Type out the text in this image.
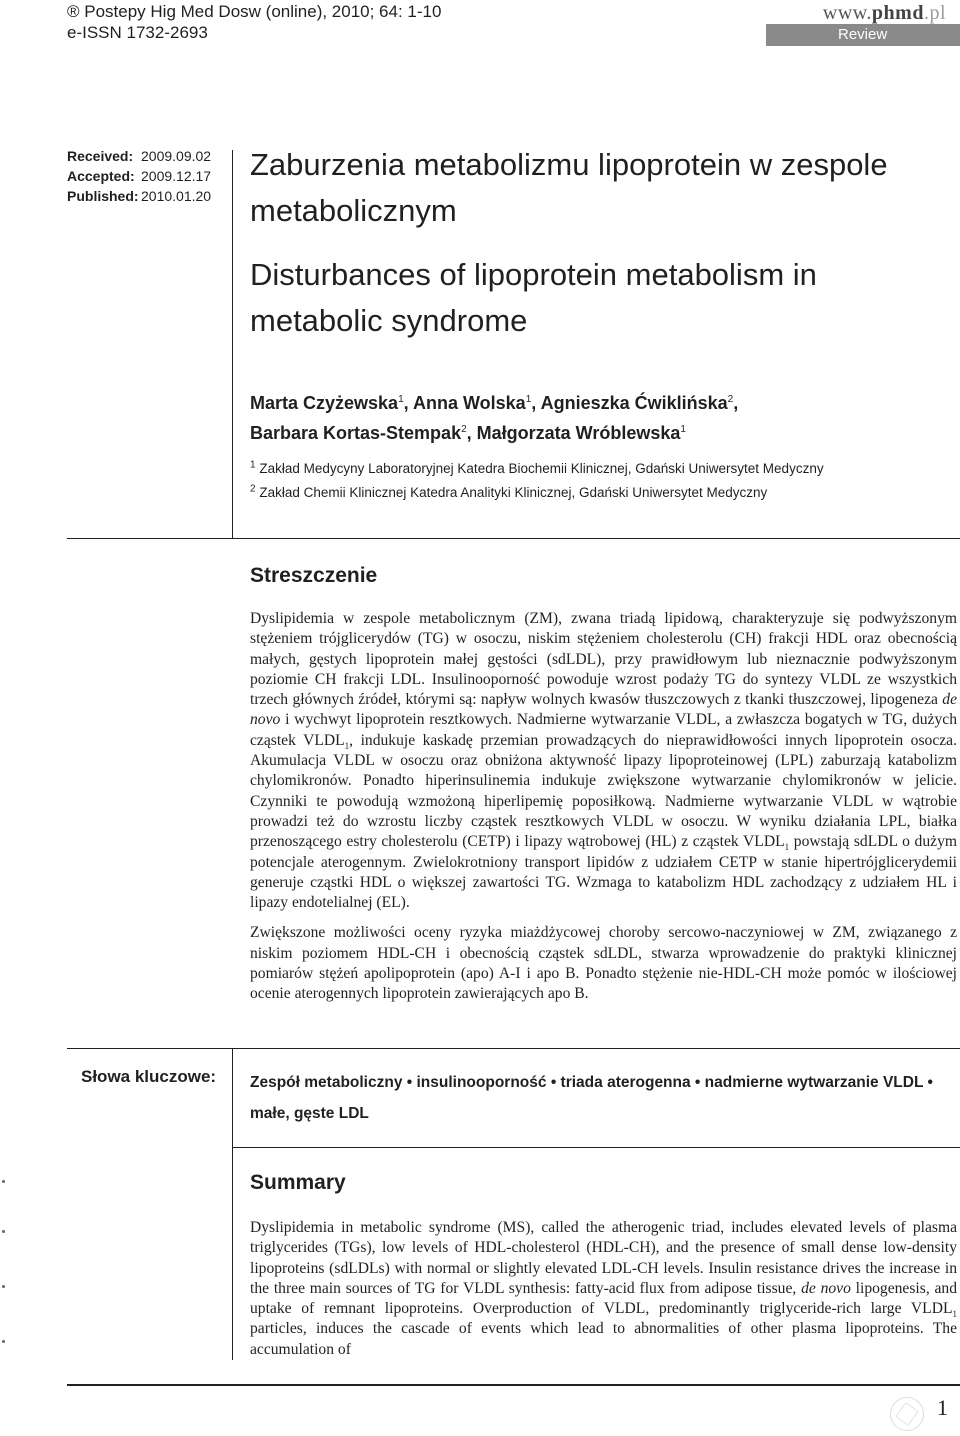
® Postepy Hig Med Dosw (online), 2010; 64: 1-10
e-ISSN 1732-2693
www.phmd.pl
Review
Received: 2009.09.02
Accepted: 2009.12.17
Published: 2010.01.20
Zaburzenia metabolizmu lipoprotein w zespole metabolicznym
Disturbances of lipoprotein metabolism in metabolic syndrome
Marta Czyżewska$^1$, Anna Wolska$^1$, Agnieszka Ćwiklińska$^2$,
Barbara Kortas-Stempak$^2$, Małgorzata Wróblewska$^1$
$^1$ Zakład Medycyny Laboratoryjnej Katedra Biochemii Klinicznej, Gdański Uniwersytet Medyczny
$^2$ Zakład Chemii Klinicznej Katedra Analityki Klinicznej, Gdański Uniwersytet Medyczny
Streszczenie

Dyslipidemia w zespole metabolicznym (ZM), zwana triadą lipidową, charakteryzuje się podwyższonym stężeniem trójglicerydów (TG) w osoczu, niskim stężeniem cholesterolu (CH) frakcji HDL oraz obecnością małych, gęstych lipoprotein małej gęstości (sdLDL), przy prawidłowym lub nieznacznie podwyższonym poziomie CH frakcji LDL. Insulinooporność powoduje wzrost podaży TG do syntezy VLDL ze wszystkich trzech głównych źródeł, którymi są: napływ wolnych kwasów tłuszczowych z tkanki tłuszczowej, lipogeneza de novo i wychwyt lipoprotein resztkowych. Nadmierne wytwarzanie VLDL, a zwłaszcza bogatych w TG, dużych cząstek $VLDL_1$, indukuje kaskadę przemian prowadzących do nieprawidłowości innych lipoprotein osocza. Akumulacja VLDL w osoczu oraz obniżona aktywność lipazy lipoproteinowej (LPL) zaburzają katabolizm chylomikronów. Ponadto hiperinsulinemia indukuje zwiększone wytwarzanie chylomikronów w jelicie. Czynniki te powodują wzmożoną hiperlipemię poposiłkową. Nadmierne wytwarzanie VLDL w wątrobie prowadzi też do wzrostu liczby cząstek resztkowych VLDL w osoczu. W wyniku działania LPL, białka przenoszącego estry cholesterolu (CETP) i lipazy wątrobowej (HL) z cząstek $VLDL_1$ powstają sdLDL o dużym potencjale aterogennym. Zwielokrotniony transport lipidów z udziałem CETP w stanie hipertrójglicerydemii generuje cząstki HDL o większej zawartości TG. Wzmaga to katabolizm HDL zachodzący z udziałem HL i lipazy endotelialnej (EL).

Zwiększone możliwości oceny ryzyka miażdżycowej choroby sercowo-naczyniowej w ZM, związanego z niskim poziomem HDL-CH i obecnością cząstek sdLDL, stwarza wprowadzenie do praktyki klinicznej pomiarów stężeń apolipoprotein (apo) A-I i apo B. Ponadto stężenie nie-HDL-CH może pomóc w ilościowej ocenie aterogennych lipoprotein zawierających apo B.

Słowa kluczowe: Zespół metaboliczny • insulinooporność • triada aterogenna • nadmierne wytwarzanie VLDL • małe, gęste LDL
Summary

Dyslipidemia in metabolic syndrome (MS), called the atherogenic triad, includes elevated levels of plasma triglycerides (TGs), low levels of HDL-cholesterol (HDL-CH), and the presence of small dense low-density lipoproteins (sdLDLs) with normal or slightly elevated LDL-CH levels. Insulin resistance drives the increase in the three main sources of TG for VLDL synthesis: fatty-acid flux from adipose tissue, de novo lipogenesis, and uptake of remnant lipoproteins. Overproduction of VLDL, predominantly triglyceride-rich large $VLDL_1$ particles, induces the cascade of events which lead to abnormalities of other plasma lipoproteins. The accumulation of

1
